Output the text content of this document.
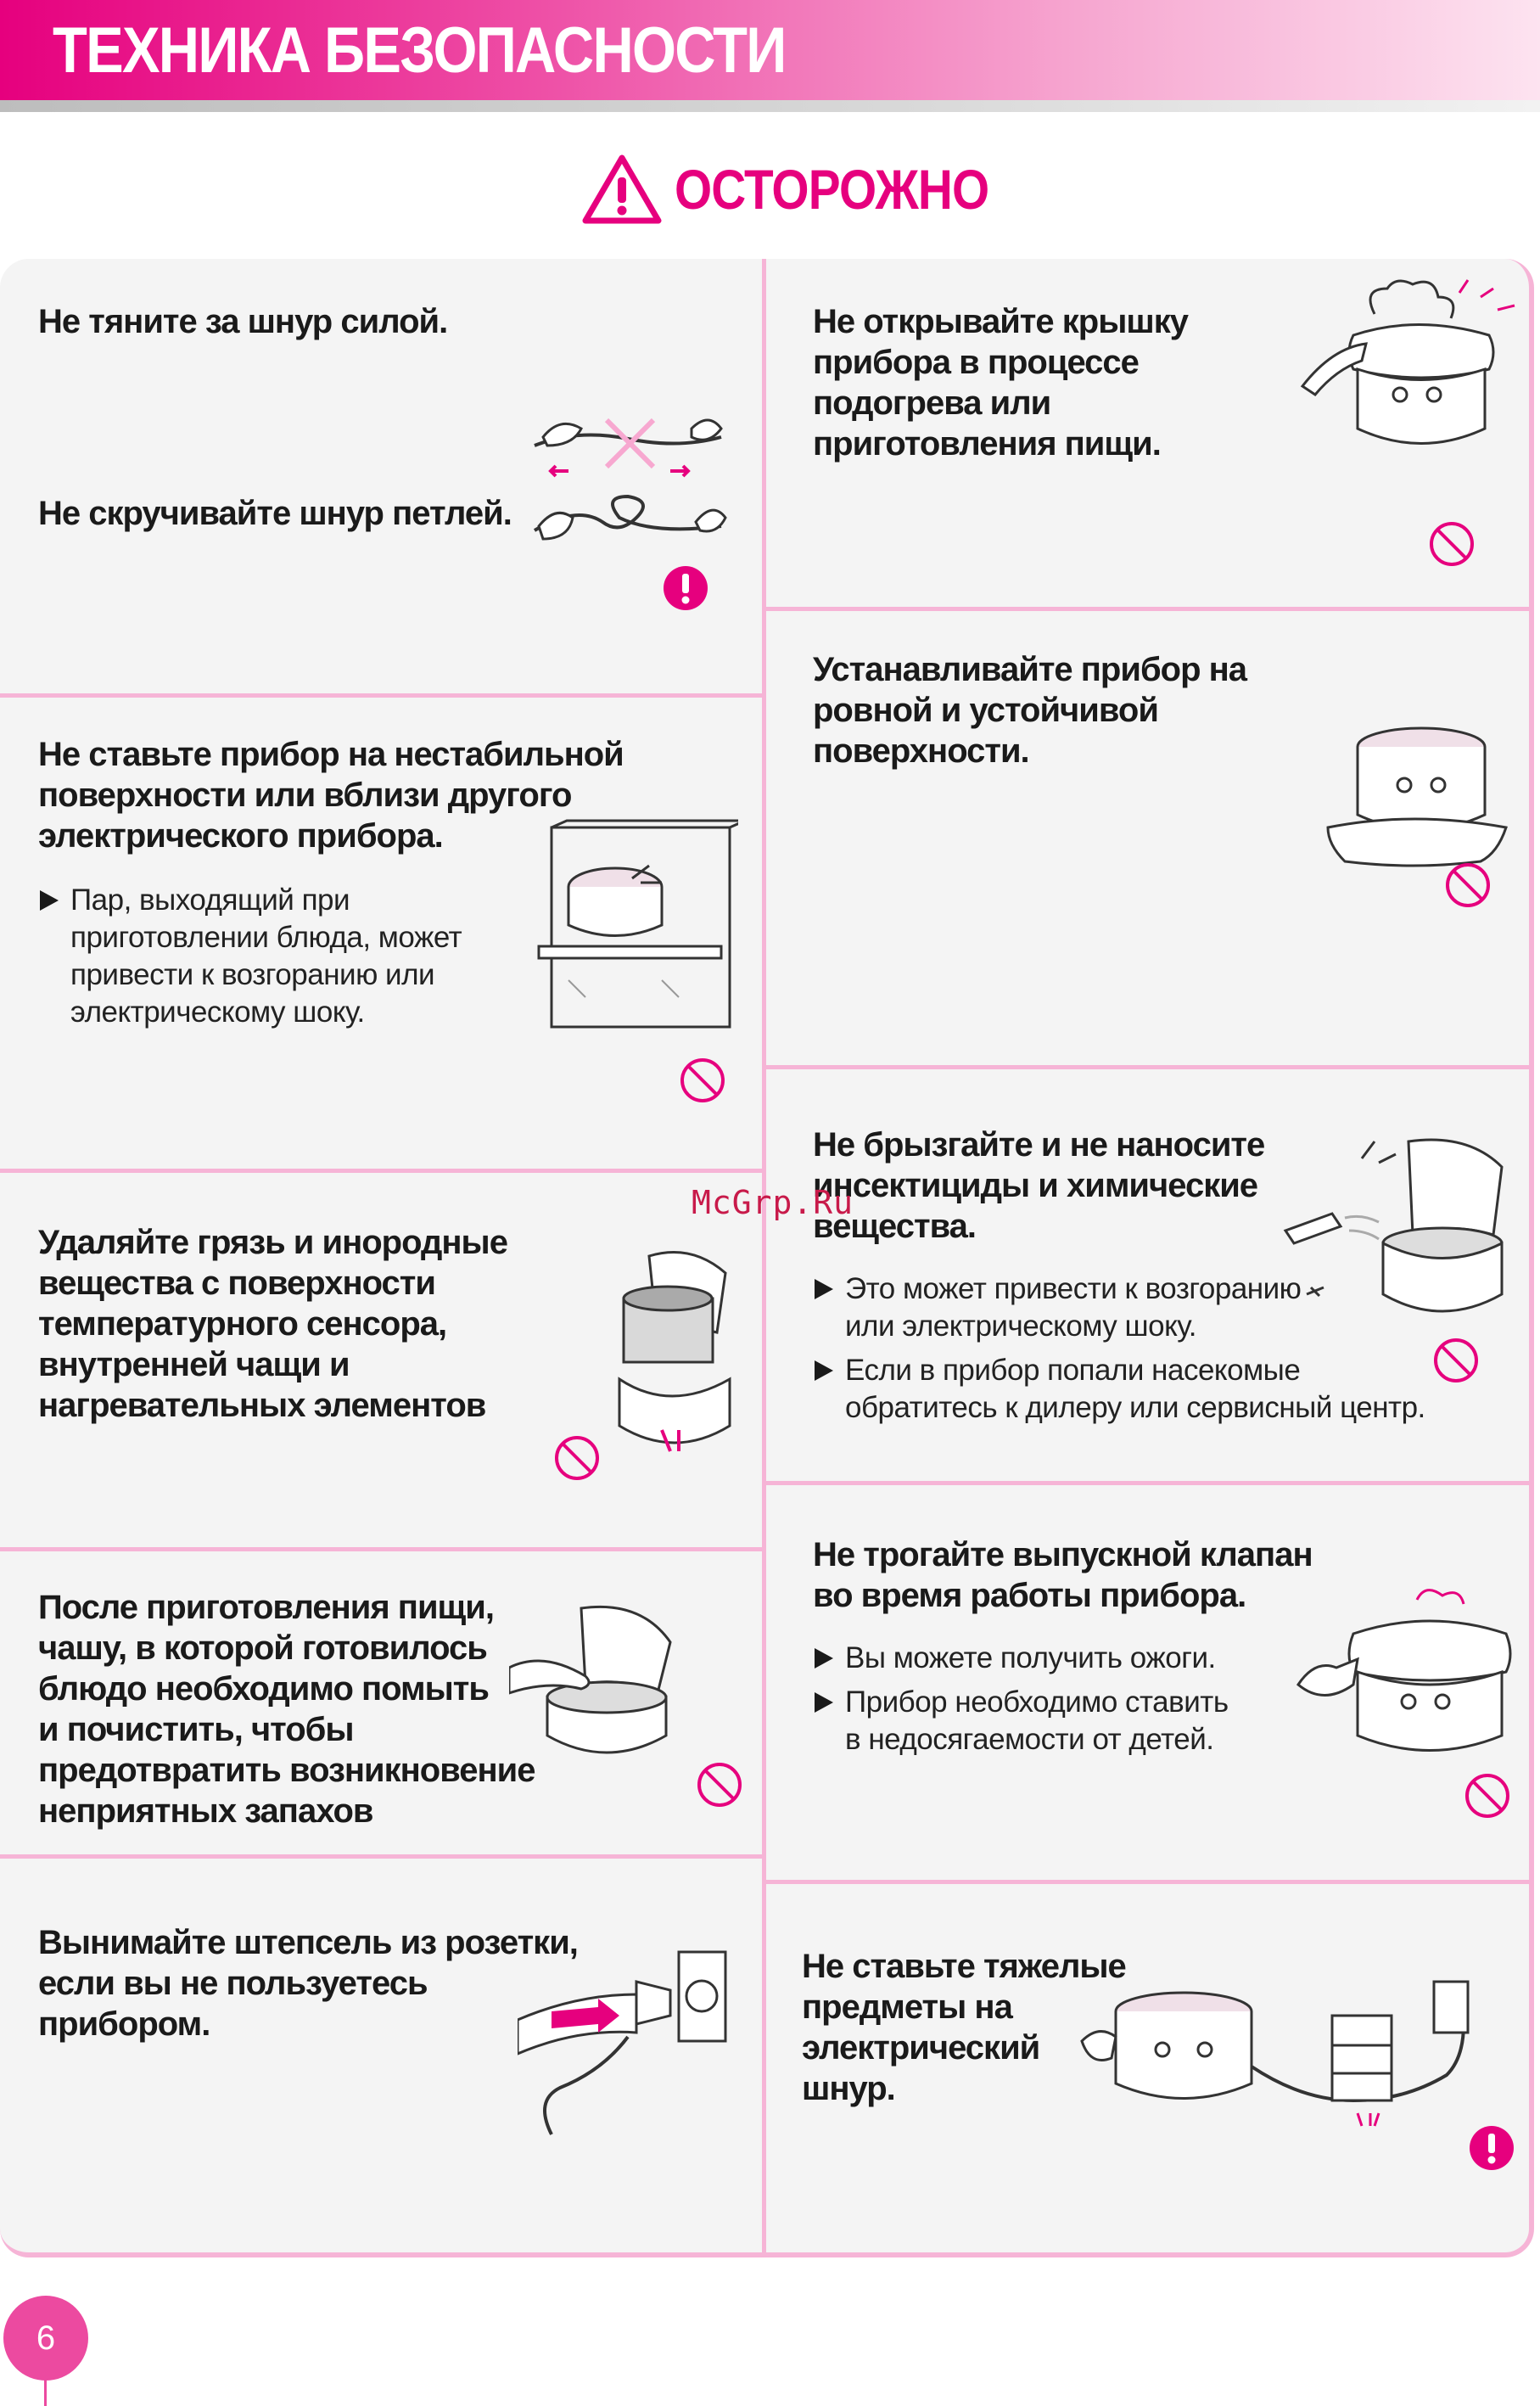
ТЕХНИКА БЕЗОПАСНОСТИ
ОСТОРОЖНО
Не тяните за шнур силой.
Не скручивайте шнур петлей.
Не ставьте прибор на нестабильной
поверхности или вблизи другого
электрического прибора.
Пар, выходящий при
приготовлении блюда, может
привести к возгоранию или
электрическому шоку.
Удаляйте грязь и инородные
вещества с поверхности
температурного сенсора,
внутренней чащи и
нагревательных элементов
После приготовления пищи,
чашу, в которой готовилось
блюдо необходимо помыть
и почистить, чтобы
предотвратить возникновение
неприятных запахов
Вынимайте штепсель из розетки,
если вы не пользуетесь
прибором.
Не открывайте крышку
прибора в процессе
подогрева или
приготовления пищи.
Устанавливайте прибор на
ровной и устойчивой
поверхности.
Не брызгайте и не наносите
инсектициды и химические
вещества.
Это может привести к возгоранию
или электрическому шоку.
Если в прибор попали насекомые
обратитесь к дилеру или сервисный центр.
Не трогайте выпускной клапан
во время работы прибора.
Вы можете получить ожоги.
Прибор необходимо ставить
в недосягаемости от детей.
Не ставьте тяжелые
предметы на
электрический
шнур.
McGrp.Ru
6
